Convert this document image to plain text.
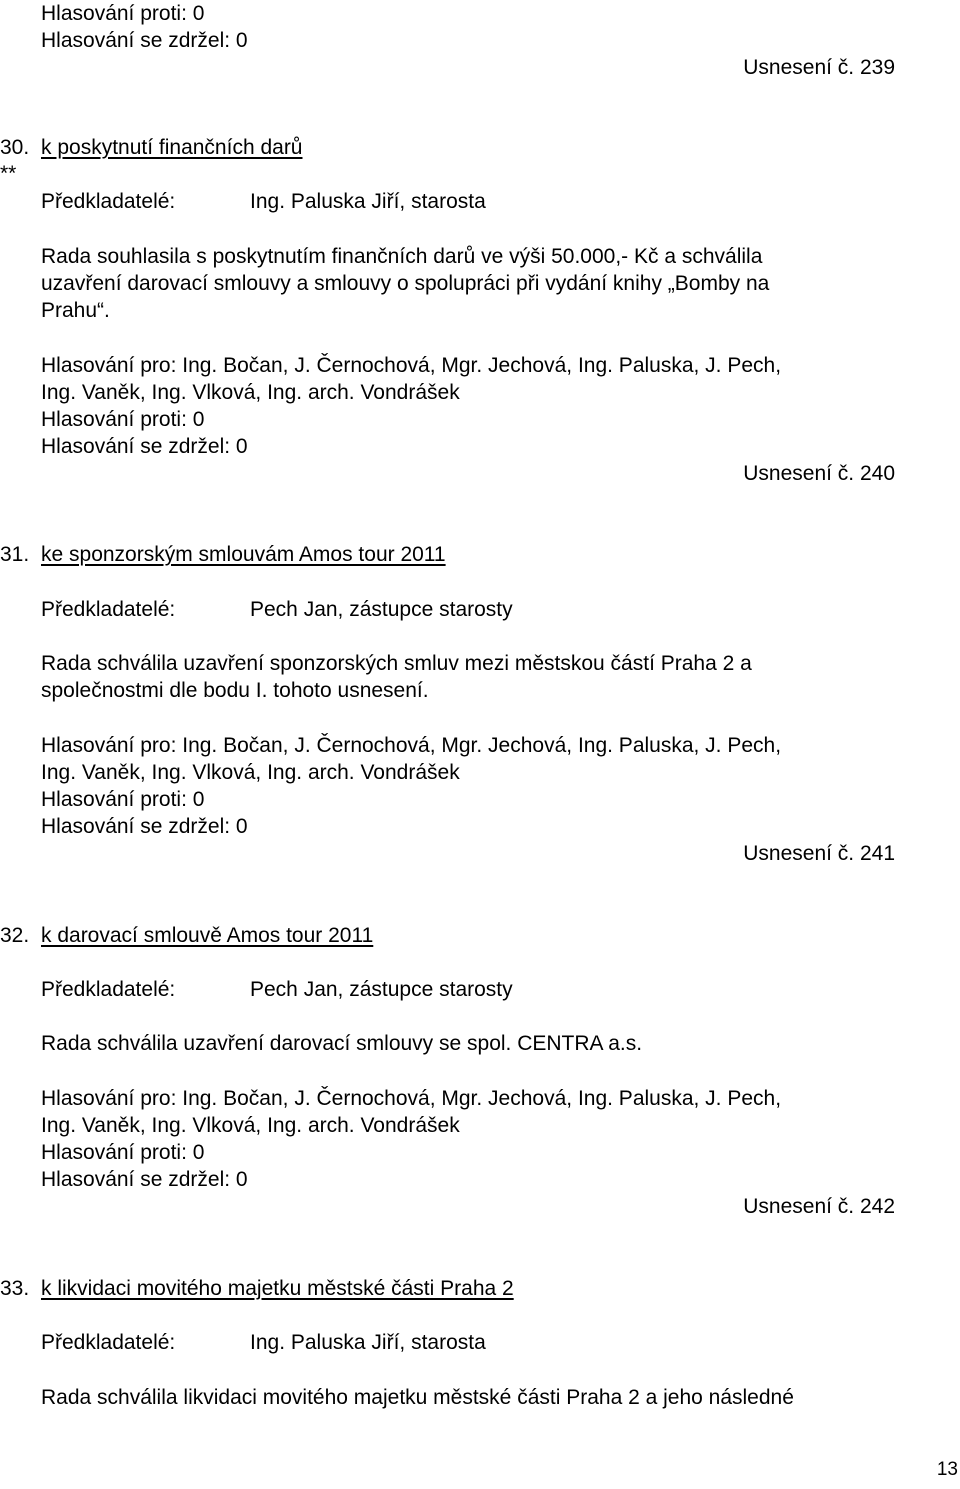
Hlasování proti: 0
Hlasování se zdržel: 0
Usnesení č. 239
30. k poskytnutí finančních darů
**
Předkladatelé:	Ing. Paluska Jiří, starosta
Rada souhlasila s poskytnutím finančních darů ve výši 50.000,- Kč a schválila
uzavření darovací smlouvy a smlouvy o spolupráci při vydání knihy „Bomby na
Prahu“.
Hlasování pro: Ing. Bočan, J. Černochová, Mgr. Jechová, Ing. Paluska, J. Pech,
Ing. Vaněk, Ing. Vlková, Ing. arch. Vondrášek
Hlasování proti: 0
Hlasování se zdržel: 0
Usnesení č. 240
31. ke sponzorským smlouvám Amos tour 2011
Předkladatelé:	Pech Jan, zástupce starosty
Rada schválila uzavření sponzorských smluv mezi městskou částí Praha 2 a
společnostmi dle bodu I. tohoto usnesení.
Hlasování pro: Ing. Bočan, J. Černochová, Mgr. Jechová, Ing. Paluska, J. Pech,
Ing. Vaněk, Ing. Vlková, Ing. arch. Vondrášek
Hlasování proti: 0
Hlasování se zdržel: 0
Usnesení č. 241
32. k darovací smlouvě Amos tour 2011
Předkladatelé:	Pech Jan, zástupce starosty
Rada schválila uzavření darovací smlouvy se spol. CENTRA a.s.
Hlasování pro: Ing. Bočan, J. Černochová, Mgr. Jechová, Ing. Paluska, J. Pech,
Ing. Vaněk, Ing. Vlková, Ing. arch. Vondrášek
Hlasování proti: 0
Hlasování se zdržel: 0
Usnesení č. 242
33. k likvidaci movitého majetku městské části Praha 2
Předkladatelé:	Ing. Paluska Jiří, starosta
Rada schválila likvidaci movitého majetku městské části Praha 2 a jeho následné
13
